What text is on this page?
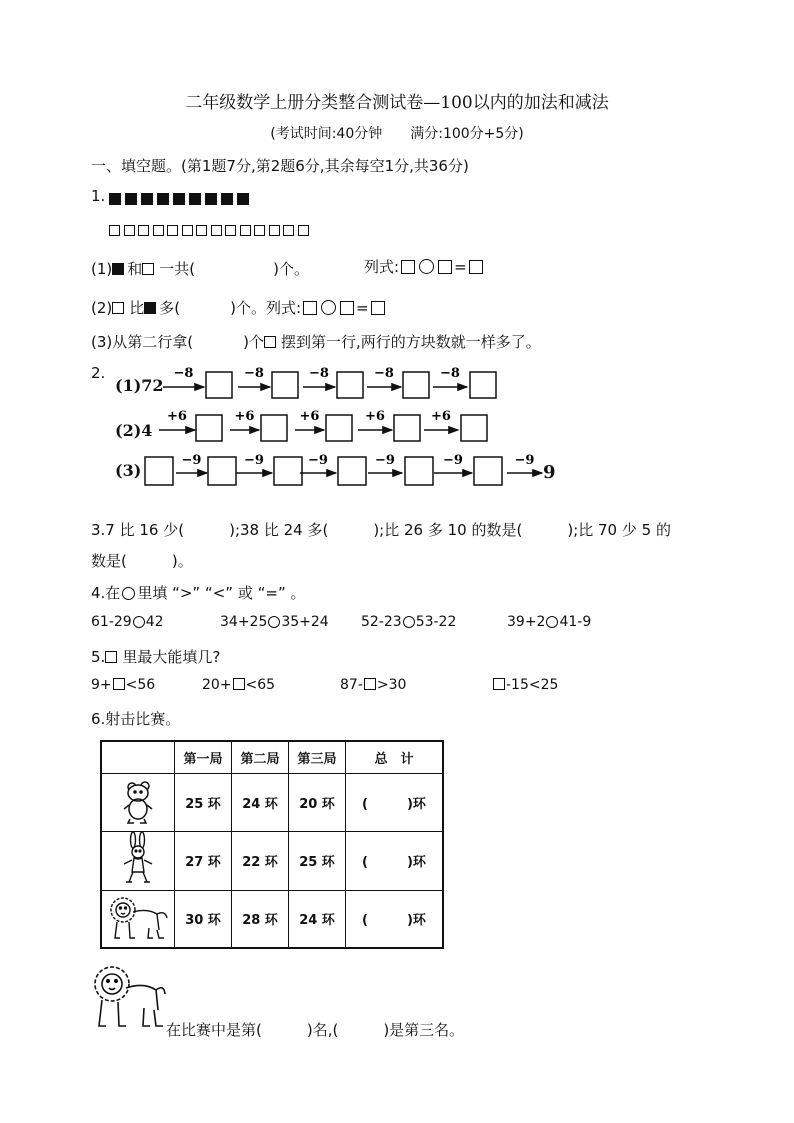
二年级数学上册分类整合测试卷—100以内的加法和减法
(考试时间:40分钟　　满分:100分+5分)
一、填空题。(第1题7分,第2题6分,其余每空1分,共36分)
1.
(1) 和 一共(	)个。	列式:	=
(2) 比 多(	)个。列式:	=
(3)从第二行拿(	)个 摆到第一行,两行的方块数就一样多了。
2.
(1)72
(2)4
(3)	9
−8	−8	−8	−8	−8
+6	+6	+6	+6	+6
−9	−9	−9	−9	−9	−9
3.7 比 16 少(　　　);38 比 24 多(　　　);比 26 多 10 的数是(　　　);比 70 少 5 的
数是(　　　)。
4.在 里填 “>” “<” 或 “=” 。
61-29 42	34+25 35+24 52-23 53-22	39+2 41-9
5. 里最大能填几?
9+ <56	20+ <65	87- >30	-15<25
6.射击比赛。
	第一局	第二局	第三局	总　计
	25 环	24 环	20 环	(　　　)环
	27 环	22 环	25 环	(　　　)环
	30 环	28 环	24 环	(　　　)环
在比赛中是第(　　　)名,(　　　)是第三名。
